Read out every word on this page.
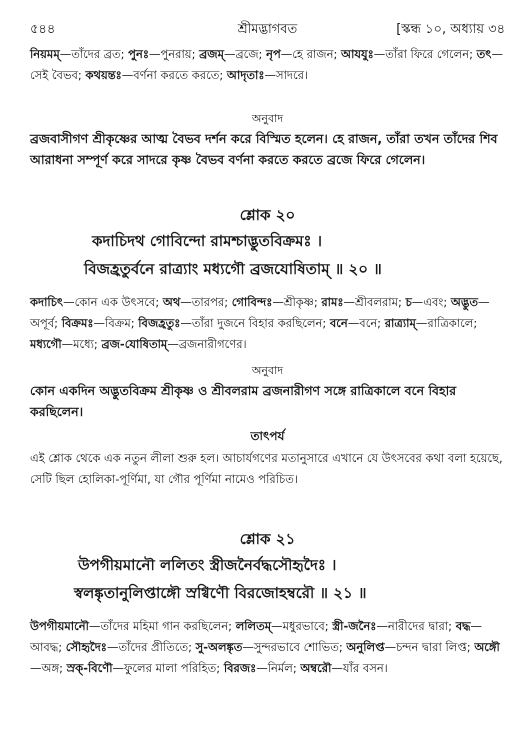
৫৪৪	শ্রীমদ্ভাগবত	[স্কন্ধ ১০, অধ্যায় ৩৪
নিয়মম্—তাঁদের ব্রত; পুনঃ—পুনরায়; ব্রজম্—ব্রজে; নৃপ—হে রাজন; আযযুঃ—তাঁরা ফিরে গেলেন; তৎ—সেই বৈভব; কথয়ন্তঃ—বর্ণনা করতে করতে; আদৃতাঃ—সাদরে।
অনুবাদ
ব্রজবাসীগণ শ্রীকৃষ্ণের আত্ম বৈভব দর্শন করে বিস্মিত হলেন। হে রাজন, তাঁরা তখন তাঁদের শিব আরাধনা সম্পূর্ণ করে সাদরে কৃষ্ণ বৈভব বর্ণনা করতে করতে ব্রজে ফিরে গেলেন।
শ্লোক ২০
কদাচিদথ গোবিন্দো রামশ্চাদ্ভুতবিক্রমঃ ।
বিজহ্রতুর্বনে রাত্র্যাং মধ্যগৌ ব্রজযোষিতাম্ ॥ ২০ ॥
কদাচিৎ—কোন এক উৎসবে; অথ—তারপর; গোবিন্দঃ—শ্রীকৃষ্ণ; রামঃ—শ্রীবলরাম; চ—এবং; অদ্ভুত—অপূর্ব; বিক্রমঃ—বিক্রম; বিজহ্রতুঃ—তাঁরা দুজনে বিহার করছিলেন; বনে—বনে; রাত্র্যাম্—রাত্রিকালে; মধ্যগৌ—মধ্যে; ব্রজ-যোষিতাম্—ব্রজনারীগণের।
অনুবাদ
কোন একদিন অদ্ভুতবিক্রম শ্রীকৃষ্ণ ও শ্রীবলরাম ব্রজনারীগণ সঙ্গে রাত্রিকালে বনে বিহার করছিলেন।
তাৎপর্য
এই শ্লোক থেকে এক নতুন লীলা শুরু হল। আচার্যগণের মতানুসারে এখানে যে উৎসবের কথা বলা হয়েছে, সেটি ছিল হোলিকা-পূর্ণিমা, যা গৌর পূর্ণিমা নামেও পরিচিত।
শ্লোক ২১
উপগীয়মানৌ ললিতং স্ত্রীজনৈর্বদ্ধসৌহৃদৈঃ ।
স্বলঙ্কৃতানুলিপ্তাঙ্গৌ স্রগ্বিণৌ বিরজোহম্বরৌ ॥ ২১ ॥
উপগীয়মানৌ—তাঁদের মহিমা গান করছিলেন; ললিতম্—মধুরভাবে; স্ত্রী-জনৈঃ—নারীদের দ্বারা; বদ্ধ—আবদ্ধ; সৌহৃদৈঃ—তাঁদের প্রীতিতে; সু-অলঙ্কৃত—সুন্দরভাবে শোভিত; অনুলিপ্ত—চন্দন দ্বারা লিপ্ত; অঙ্গৌ—অঙ্গ; স্রক্-বিণৌ—ফুলের মালা পরিহিত; বিরজঃ—নির্মল; অম্বরৌ—যাঁর বসন।
